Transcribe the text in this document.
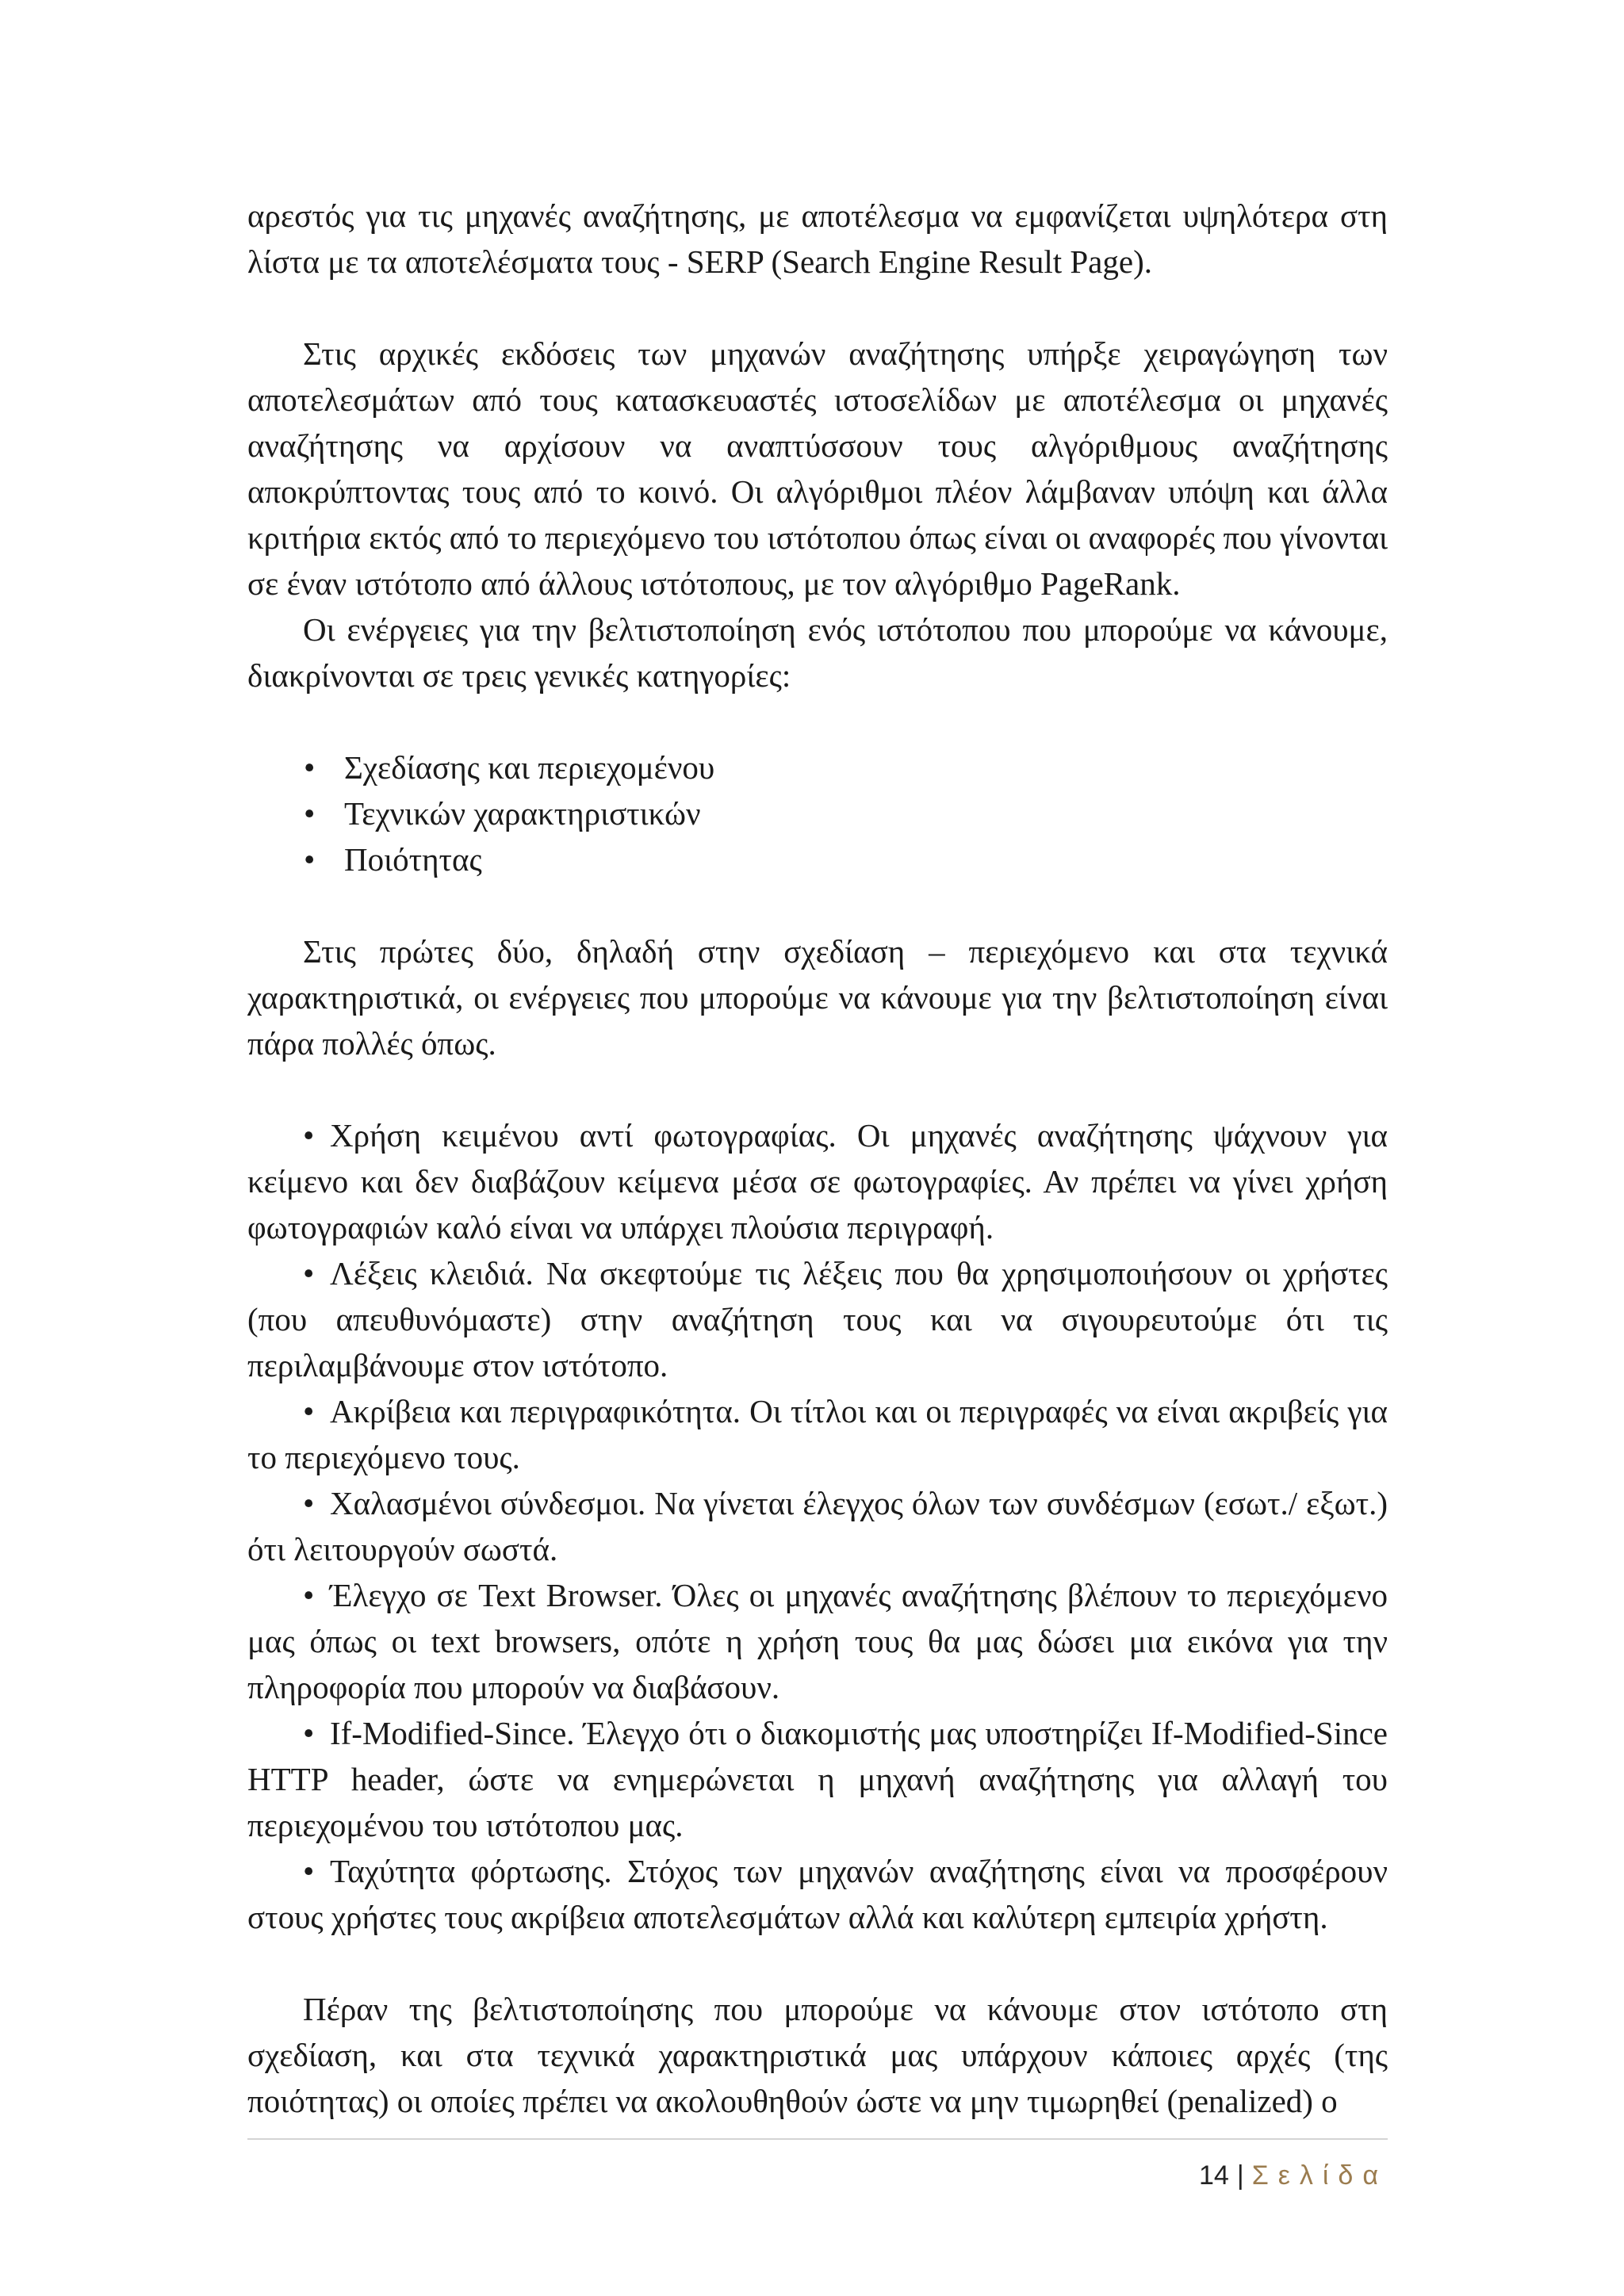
αρεστός για τις μηχανές αναζήτησης, με αποτέλεσμα να εμφανίζεται υψηλότερα στη λίστα με τα αποτελέσματα τους - SERP (Search Engine Result Page).

Στις αρχικές εκδόσεις των μηχανών αναζήτησης υπήρξε χειραγώγηση των αποτελεσμάτων από τους κατασκευαστές ιστοσελίδων με αποτέλεσμα οι μηχανές αναζήτησης να αρχίσουν να αναπτύσσουν τους αλγόριθμους αναζήτησης αποκρύπτοντας τους από το κοινό. Οι αλγόριθμοι πλέον λάμβαναν υπόψη και άλλα κριτήρια εκτός από το περιεχόμενο του ιστότοπου όπως είναι οι αναφορές που γίνονται σε έναν ιστότοπο από άλλους ιστότοπους, με τον αλγόριθμο PageRank.

Οι ενέργειες για την βελτιστοποίηση ενός ιστότοπου που μπορούμε να κάνουμε, διακρίνονται σε τρεις γενικές κατηγορίες:

• Σχεδίασης και περιεχομένου
• Τεχνικών χαρακτηριστικών
• Ποιότητας

Στις πρώτες δύο, δηλαδή στην σχεδίαση – περιεχόμενο και στα τεχνικά χαρακτηριστικά, οι ενέργειες που μπορούμε να κάνουμε για την βελτιστοποίηση είναι πάρα πολλές όπως.

• Χρήση κειμένου αντί φωτογραφίας. Οι μηχανές αναζήτησης ψάχνουν για κείμενο και δεν διαβάζουν κείμενα μέσα σε φωτογραφίες. Αν πρέπει να γίνει χρήση φωτογραφιών καλό είναι να υπάρχει πλούσια περιγραφή.

• Λέξεις κλειδιά. Να σκεφτούμε τις λέξεις που θα χρησιμοποιήσουν οι χρήστες (που απευθυνόμαστε) στην αναζήτηση τους και να σιγουρευτούμε ότι τις περιλαμβάνουμε στον ιστότοπο.

• Ακρίβεια και περιγραφικότητα. Οι τίτλοι και οι περιγραφές να είναι ακριβείς για το περιεχόμενο τους.

• Χαλασμένοι σύνδεσμοι. Να γίνεται έλεγχος όλων των συνδέσμων (εσωτ./ εξωτ.) ότι λειτουργούν σωστά.

• Έλεγχο σε Text Browser. Όλες οι μηχανές αναζήτησης βλέπουν το περιεχόμενο μας όπως οι text browsers, οπότε η χρήση τους θα μας δώσει μια εικόνα για την πληροφορία που μπορούν να διαβάσουν.

• If-Modified-Since. Έλεγχο ότι ο διακομιστής μας υποστηρίζει If-Modified-Since HTTP header, ώστε να ενημερώνεται η μηχανή αναζήτησης για αλλαγή του περιεχομένου του ιστότοπου μας.

• Ταχύτητα φόρτωσης. Στόχος των μηχανών αναζήτησης είναι να προσφέρουν στους χρήστες τους ακρίβεια αποτελεσμάτων αλλά και καλύτερη εμπειρία χρήστη.

Πέραν της βελτιστοποίησης που μπορούμε να κάνουμε στον ιστότοπο στη σχεδίαση, και στα τεχνικά χαρακτηριστικά μας υπάρχουν κάποιες αρχές (της ποιότητας) οι οποίες πρέπει να ακολουθηθούν ώστε να μην τιμωρηθεί (penalized) ο

14 | Σελίδα
